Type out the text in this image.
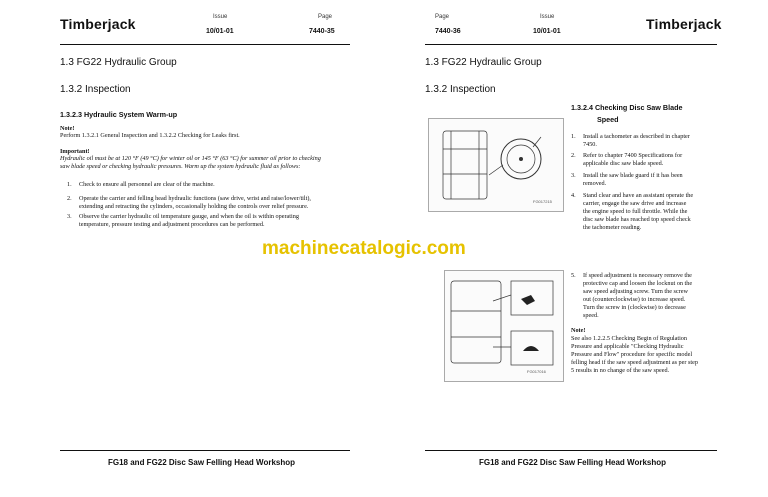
Timberjack	Issue
10/01-01
Page
7440-35
1.3 FG22 Hydraulic Group
1.3.2 Inspection
1.3.2.3 Hydraulic System Warm-up
Note!
Perform 1.3.2.1 General Inspection and 1.3.2.2 Checking for Leaks first.
Important!
Hydraulic oil must be at 120 °F (49 °C) for winter oil or 145 °F (63 °C) for summer oil prior to checking
saw blade speed or checking hydraulic pressures. Warm up the system hydraulic fluid as follows:
1. Check to ensure all personnel are clear of the machine.
2. Operate the carrier and felling head hydraulic functions (saw drive, wrist and raise/lower/tilt),
extending and retracting the cylinders, occasionally holding the controls over relief pressure.
3. Observe the carrier hydraulic oil temperature gauge, and when the oil is within operating
temperature, pressure testing and adjustment procedures can be performed.
FG18 and FG22 Disc Saw Felling Head Workshop
Page
7440-36
Issue
10/01-01	Timberjack
1.3 FG22 Hydraulic Group
1.3.2 Inspection
1.3.2.4 Checking Disc Saw Blade
Speed
FG017215
1. Install a tachometer as described in chapter
7450.
2. Refer to chapter 7400 Specifications for
applicable disc saw blade speed.
3. Install the saw blade guard if it has been
removed.
4. Stand clear and have an assistant operate the
carrier, engage the saw drive and increase
the engine speed to full throttle. While the
disc saw blade has reached top speed check
the tachometer reading.
FG017016
5. If speed adjustment is necessary remove the
protective cap and loosen the locknut on the
saw speed adjusting screw. Turn the screw
out (counterclockwise) to increase speed.
Turn the screw in (clockwise) to decrease
speed.
Note!
See also 1.2.2.5 Checking Begin of Regulation
Pressure and applicable "Checking Hydraulic
Pressure and Flow" procedure for specific model
felling head if the saw speed adjustment as per step
5 results in no change of the saw speed.
FG18 and FG22 Disc Saw Felling Head Workshop
machinecatalogic.com
